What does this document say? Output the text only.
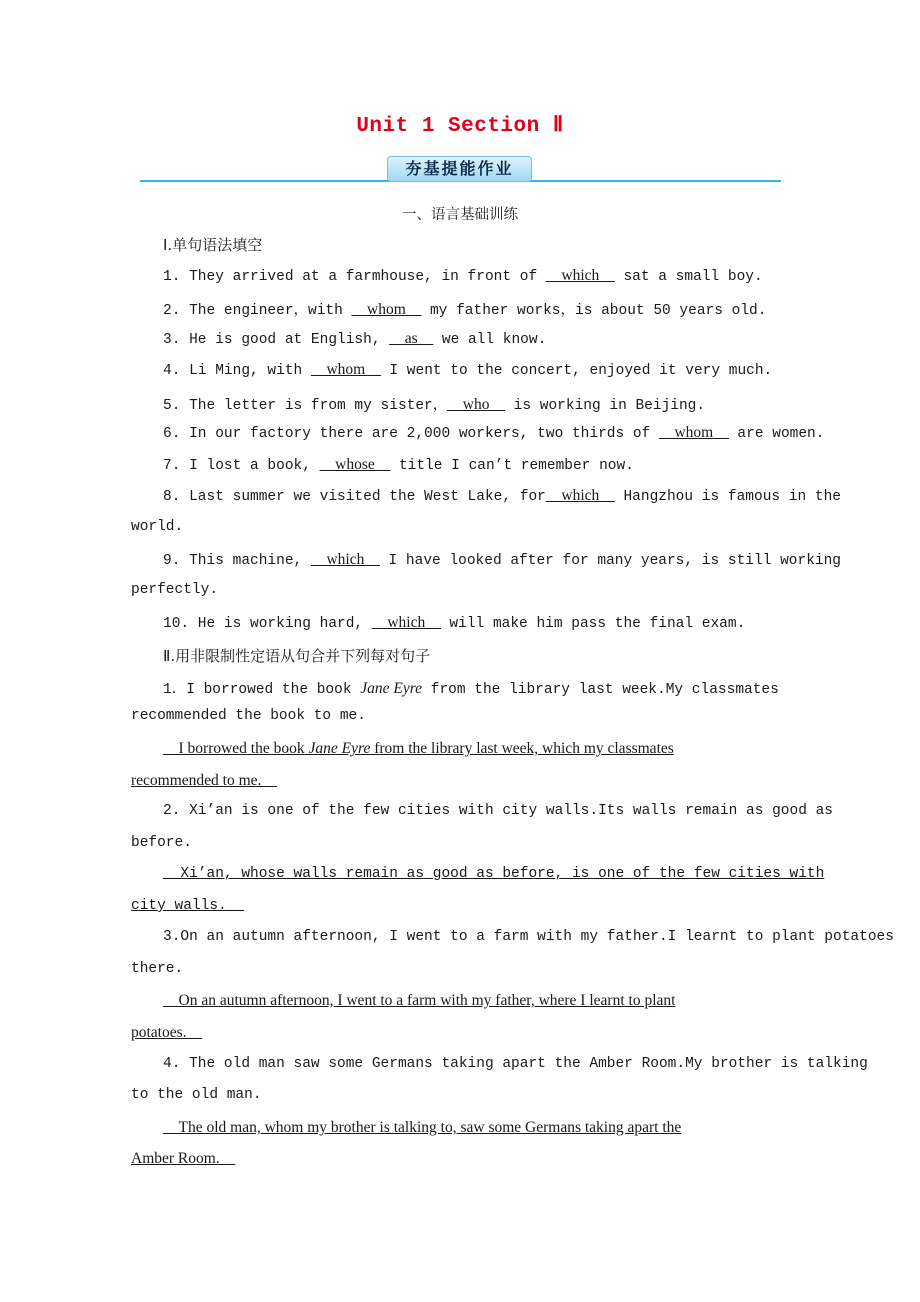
Unit 1 Section Ⅱ
夯基提能作业
一、语言基础训练
Ⅰ.单句语法填空
1. They arrived at a farmhouse, in front of __which__ sat a small boy.
2. The engineer，with __whom__ my father works，is about 50 years old.
3. He is good at English, __as__ we all know.
4. Li Ming, with __whom__ I went to the concert, enjoyed it very much.
5. The letter is from my sister，__who__ is working in Beijing.
6. In our factory there are 2,000 workers, two thirds of __whom__ are women.
7. I lost a book, __whose__ title I can’t remember now.
8. Last summer we visited the West Lake, for__which__ Hangzhou is famous in the
world.
9. This machine, __which__ I have looked after for many years, is still working
perfectly.
10. He is working hard, __which__ will make him pass the final exam.
Ⅱ.用非限制性定语从句合并下列每对句子
1．I borrowed the book Jane Eyre from the library last week.My classmates
recommended the book to me.
__I borrowed the book Jane Eyre from the library last week, which my classmates
recommended to me.__
2. Xi’an is one of the few cities with city walls.Its walls remain as good as
before.
__Xi’an, whose walls remain as good as before, is one of the few cities with
city walls.__
3.On an autumn afternoon, I went to a farm with my father.I learnt to plant potatoes
there.
__On an autumn afternoon, I went to a farm with my father, where I learnt to plant
potatoes.__
4. The old man saw some Germans taking apart the Amber Room.My brother is talking
to the old man.
__The old man, whom my brother is talking to, saw some Germans taking apart the
Amber Room.__
